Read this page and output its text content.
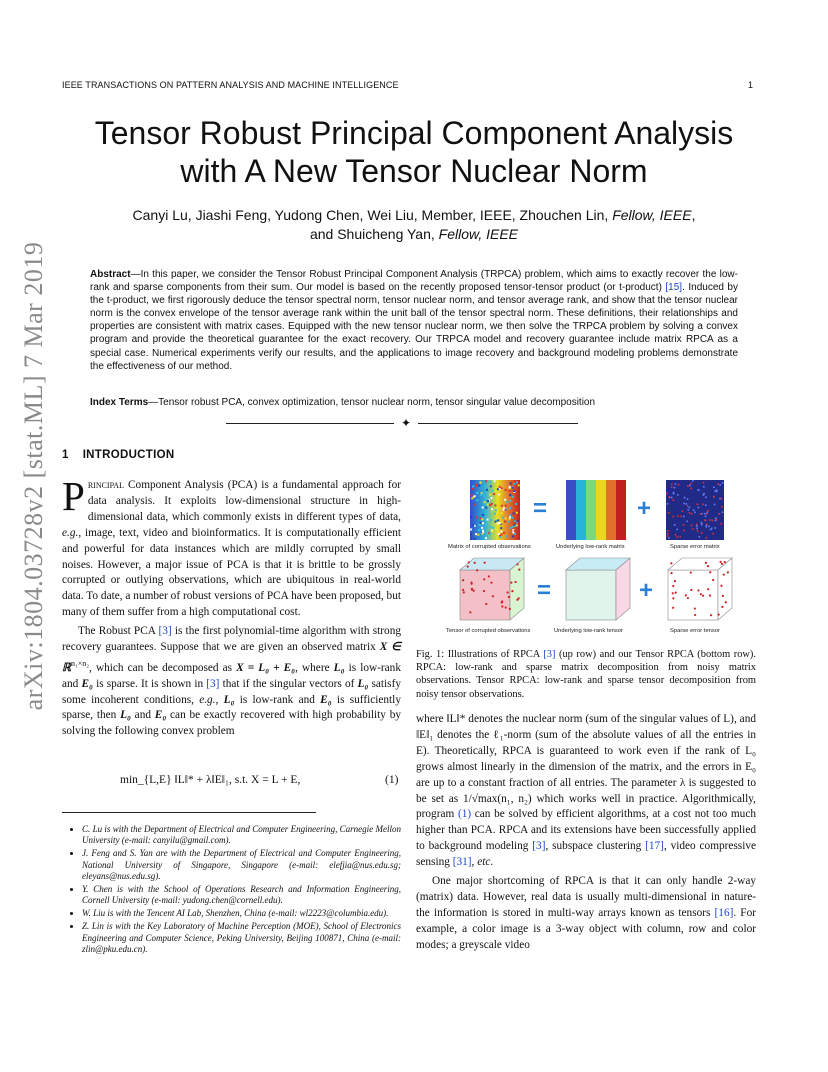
IEEE TRANSACTIONS ON PATTERN ANALYSIS AND MACHINE INTELLIGENCE	1
arXiv:1804.03728v2 [stat.ML] 7 Mar 2019
Tensor Robust Principal Component Analysis
with A New Tensor Nuclear Norm
Canyi Lu, Jiashi Feng, Yudong Chen, Wei Liu, Member, IEEE, Zhouchen Lin, Fellow, IEEE,
and Shuicheng Yan, Fellow, IEEE
Abstract—In this paper, we consider the Tensor Robust Principal Component Analysis (TRPCA) problem, which aims to exactly recover the low-rank and sparse components from their sum. Our model is based on the recently proposed tensor-tensor product (or t-product) [15]. Induced by the t-product, we first rigorously deduce the tensor spectral norm, tensor nuclear norm, and tensor average rank, and show that the tensor nuclear norm is the convex envelope of the tensor average rank within the unit ball of the tensor spectral norm. These definitions, their relationships and properties are consistent with matrix cases. Equipped with the new tensor nuclear norm, we then solve the TRPCA problem by solving a convex program and provide the theoretical guarantee for the exact recovery. Our TRPCA model and recovery guarantee include matrix RPCA as a special case. Numerical experiments verify our results, and the applications to image recovery and background modeling problems demonstrate the effectiveness of our method.
Index Terms—Tensor robust PCA, convex optimization, tensor nuclear norm, tensor singular value decomposition
✦
1 INTRODUCTION
Principal Component Analysis (PCA) is a fundamental approach for data analysis. It exploits low-dimensional structure in high-dimensional data, which commonly exists in different types of data, e.g., image, text, video and bioinformatics. It is computationally efficient and powerful for data instances which are mildly corrupted by small noises. However, a major issue of PCA is that it is brittle to be grossly corrupted or outlying observations, which are ubiquitous in real-world data. To date, a number of robust versions of PCA have been proposed, but many of them suffer from a high computational cost.
The Robust PCA [3] is the first polynomial-time algorithm with strong recovery guarantees. Suppose that we are given an observed matrix X ∈ ℝ$^{n_1\times n_2}$, which can be decomposed as X = L₀ + E₀, where L₀ is low-rank and E₀ is sparse. It is shown in [3] that if the singular vectors of L₀ satisfy some incoherent conditions, e.g., L₀ is low-rank and E₀ is sufficiently sparse, then L₀ and E₀ can be exactly recovered with high probability by solving the following convex problem
min_{L,E} ‖L‖* + λ‖E‖₁, s.t. X = L + E,	(1)
• C. Lu is with the Department of Electrical and Computer Engineering, Carnegie Mellon University (e-mail: canyilu@gmail.com).
• J. Feng and S. Yan are with the Department of Electrical and Computer Engineering, National University of Singapore, Singapore (e-mail: elefjia@nus.edu.sg; eleyans@nus.edu.sg).
• Y. Chen is with the School of Operations Research and Information Engineering, Cornell University (e-mail: yudong.chen@cornell.edu).
• W. Liu is with the Tencent AI Lab, Shenzhen, China (e-mail: wl2223@columbia.edu).
• Z. Lin is with the Key Laboratory of Machine Perception (MOE), School of Electronics Engineering and Computer Science, Peking University, Beijing 100871, China (e-mail: zlin@pku.edu.cn).
=	+
=	+
Matrix of corrupted observations	Underlying low-rank matrix	Sparse error matrix
Tensor of corrupted observations	Underlying low-rank tensor	Sparse error tensor
Fig. 1: Illustrations of RPCA [3] (up row) and our Tensor RPCA (bottom row). RPCA: low-rank and sparse matrix decomposition from noisy matrix observations. Tensor RPCA: low-rank and sparse tensor decomposition from noisy tensor observations.
where ‖L‖* denotes the nuclear norm (sum of the singular values of L), and ‖E‖₁ denotes the ℓ₁-norm (sum of the absolute values of all the entries in E). Theoretically, RPCA is guaranteed to work even if the rank of L₀ grows almost linearly in the dimension of the matrix, and the errors in E₀ are up to a constant fraction of all entries. The parameter λ is suggested to be set as 1/√max(n₁, n₂) which works well in practice. Algorithmically, program (1) can be solved by efficient algorithms, at a cost not too much higher than PCA. RPCA and its extensions have been successfully applied to background modeling [3], subspace clustering [17], video compressive sensing [31], etc.
One major shortcoming of RPCA is that it can only handle 2-way (matrix) data. However, real data is usually multi-dimensional in nature-the information is stored in multi-way arrays known as tensors [16]. For example, a color image is a 3-way object with column, row and color modes; a greyscale video
